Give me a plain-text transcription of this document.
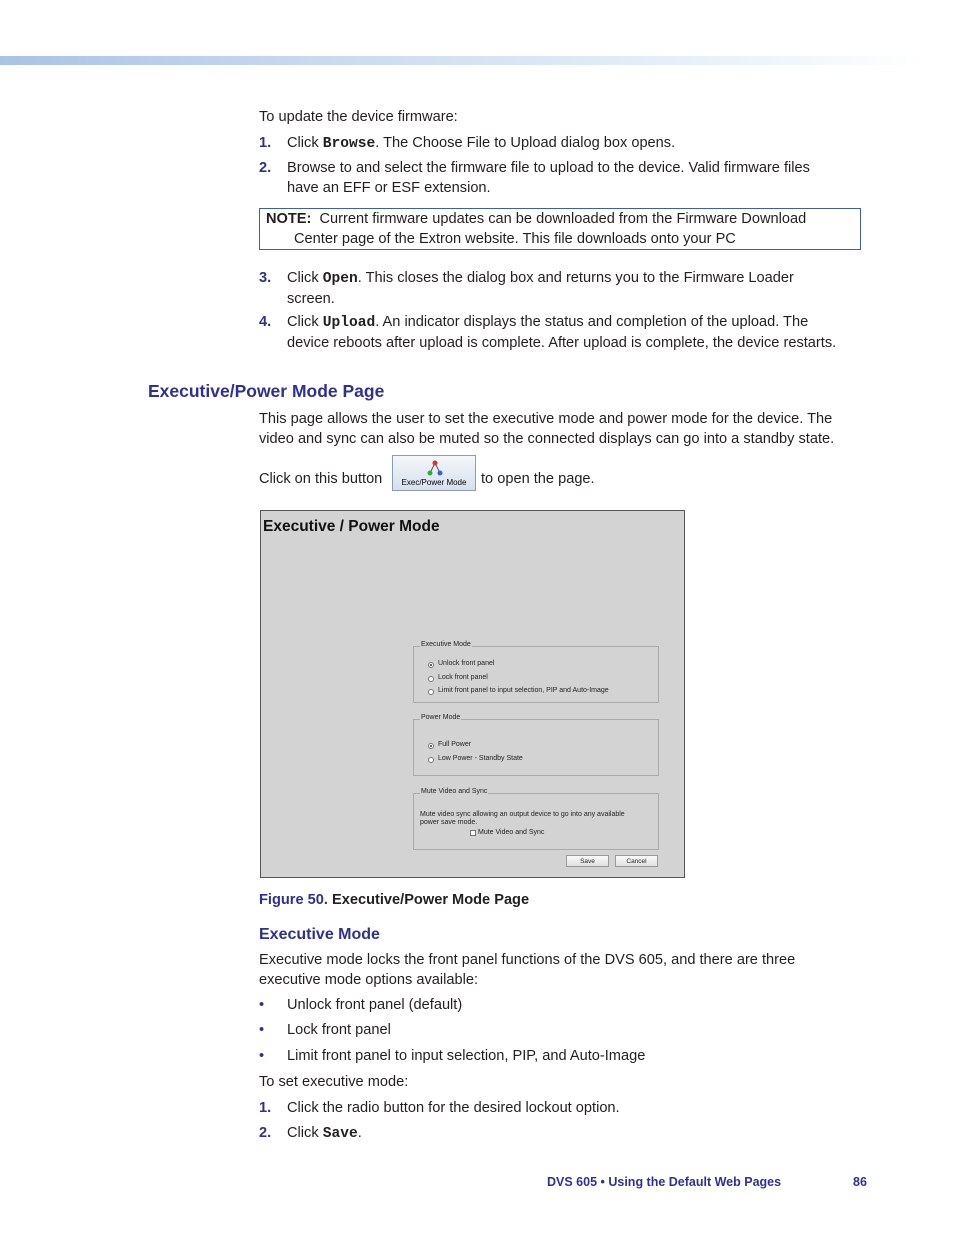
To update the device firmware:
1. Click Browse. The Choose File to Upload dialog box opens.
2. Browse to and select the firmware file to upload to the device. Valid firmware files
have an EFF or ESF extension.
NOTE: Current firmware updates can be downloaded from the Firmware Download
Center page of the Extron website. This file downloads onto your PC
3. Click Open. This closes the dialog box and returns you to the Firmware Loader
screen.
4. Click Upload. An indicator displays the status and completion of the upload. The
device reboots after upload is complete. After upload is complete, the device restarts.
Executive/Power Mode Page
This page allows the user to set the executive mode and power mode for the device. The
video and sync can also be muted so the connected displays can go into a standby state.
Click on this button	Exec/Power Mode to open the page.
Executive / Power Mode
Executive Mode
Unlock front panel
Lock front panel
Limit front panel to input selection, PIP and Auto-Image
Power Mode
Full Power
Low Power - Standby State
Mute Video and Sync
Mute video sync allowing an output device to go into any available
power save mode.
Mute Video and Sync
Save	Cancel
Figure 50. Executive/Power Mode Page
Executive Mode
Executive mode locks the front panel functions of the DVS 605, and there are three
executive mode options available:
• Unlock front panel (default)
• Lock front panel
• Limit front panel to input selection, PIP, and Auto-Image
To set executive mode:
1. Click the radio button for the desired lockout option.
2. Click Save.
DVS 605 • Using the Default Web Pages	86
